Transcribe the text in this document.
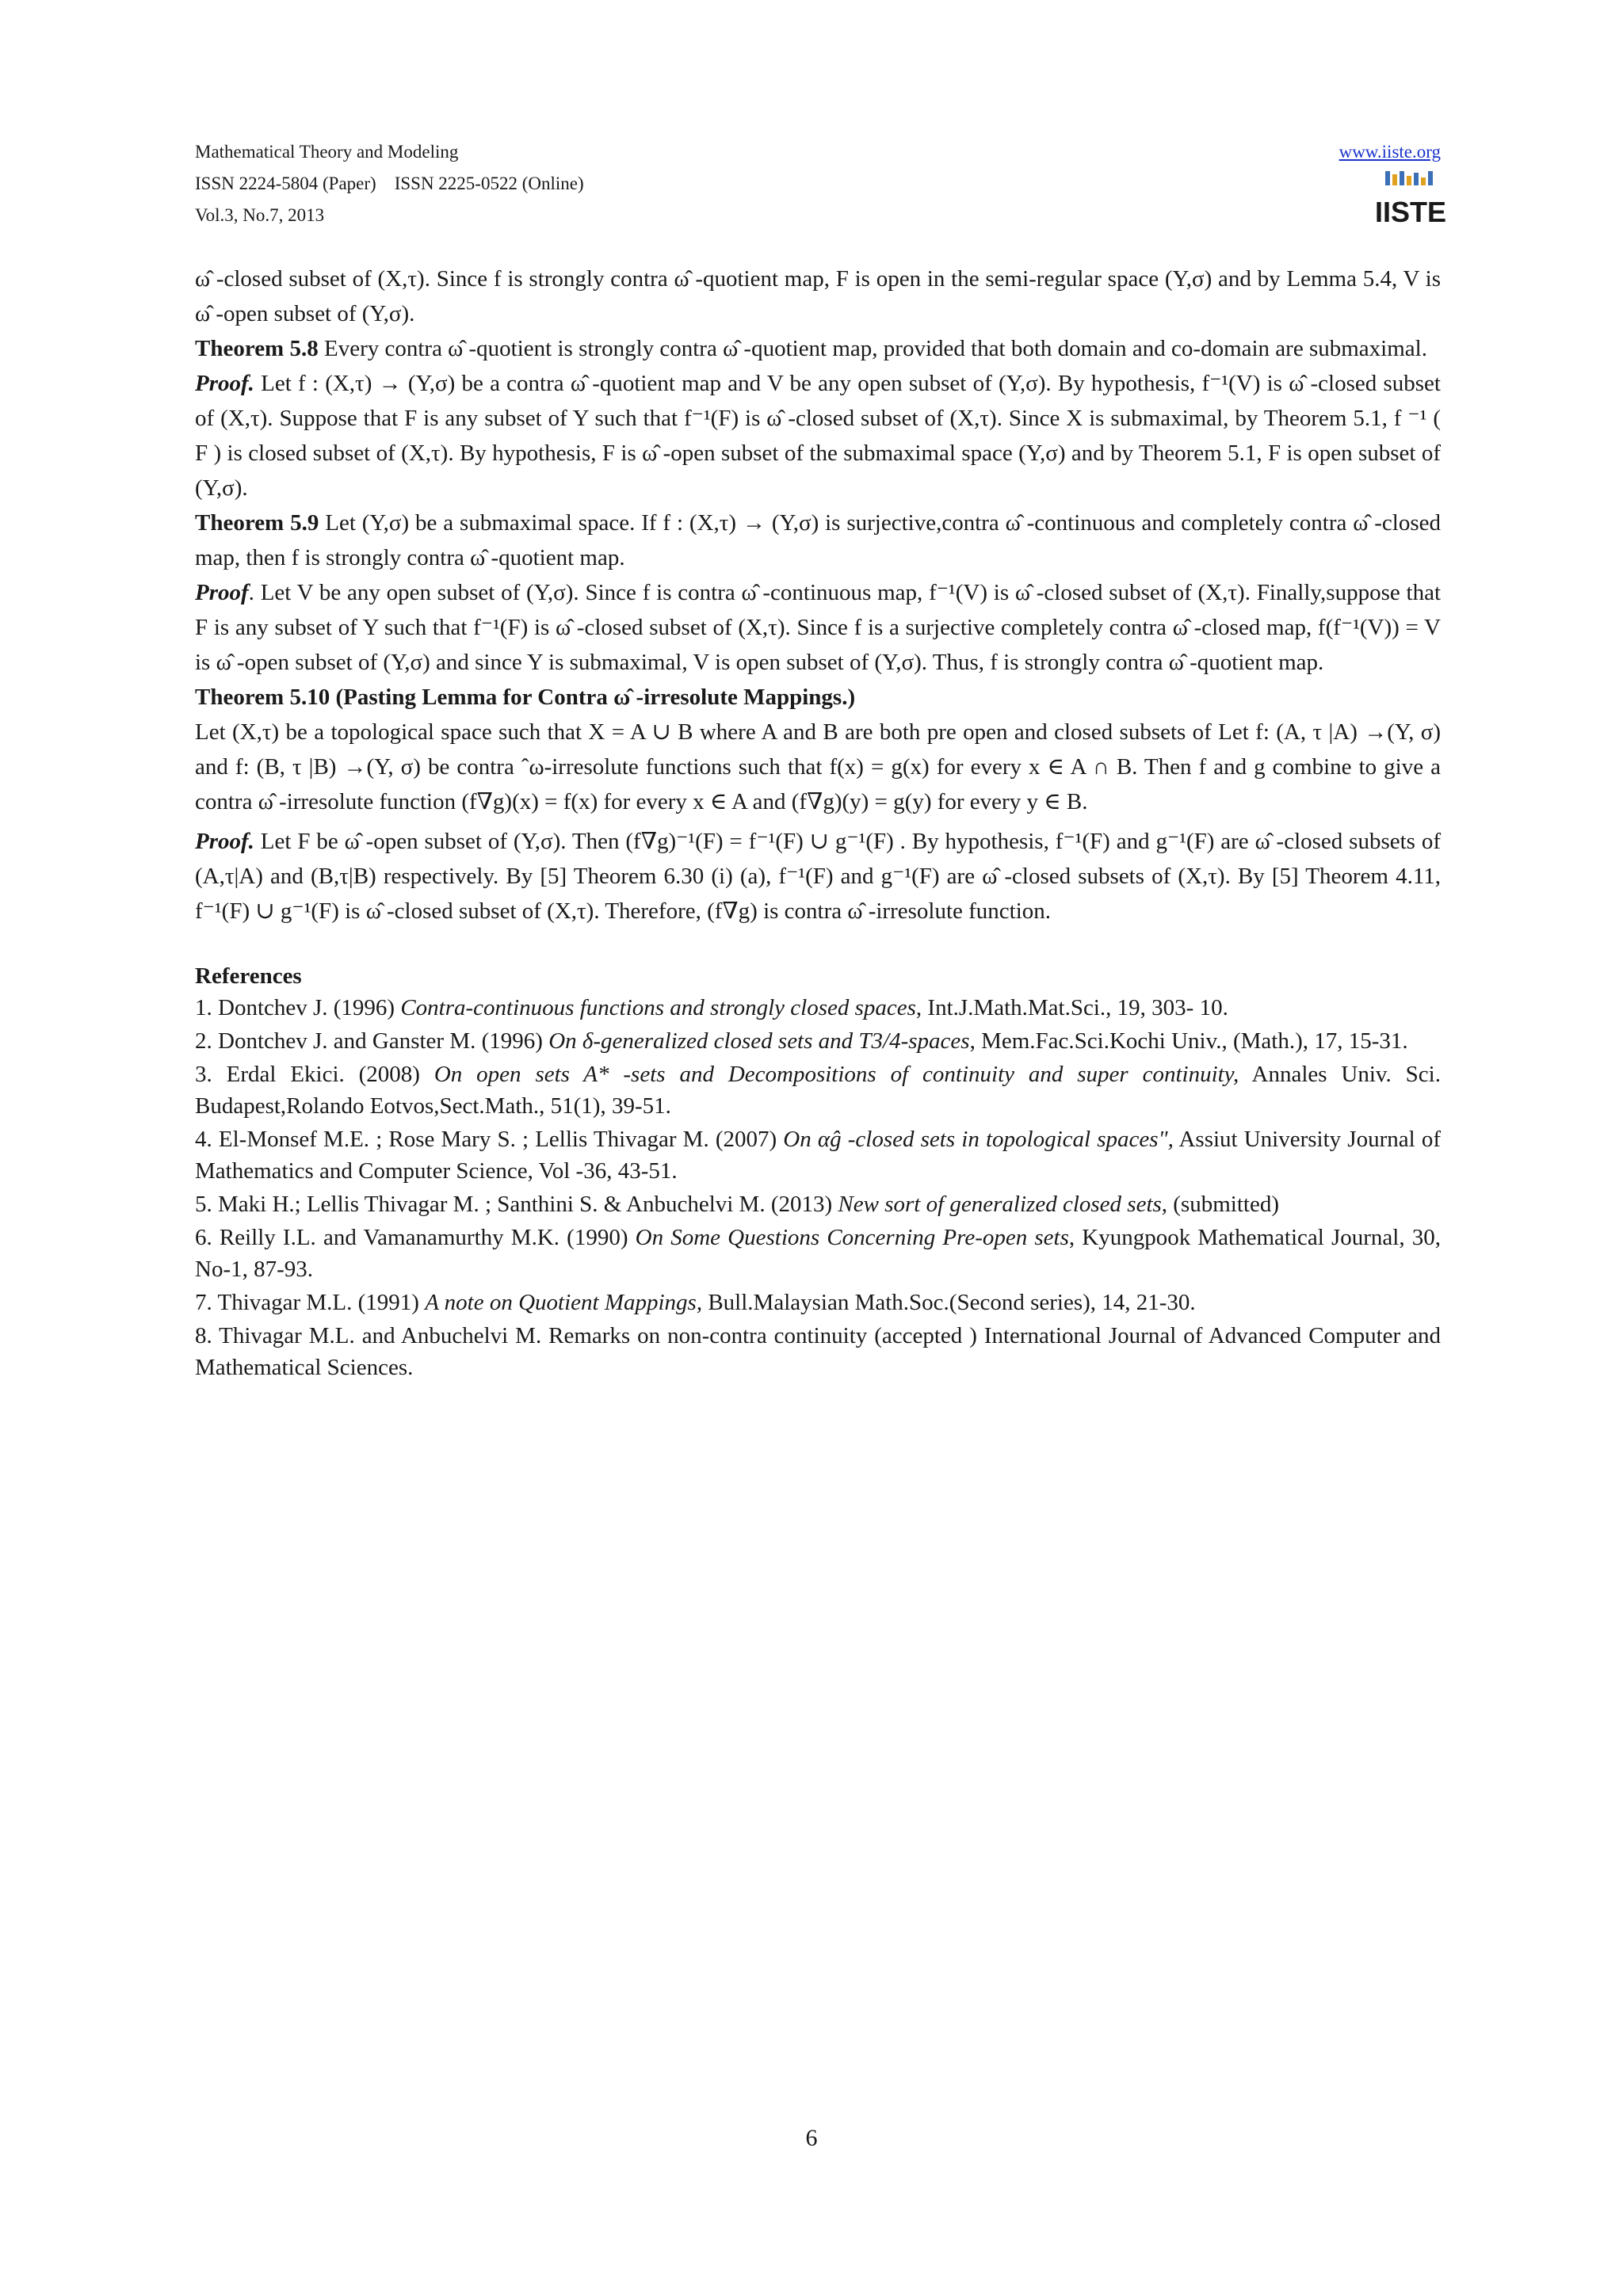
Mathematical Theory and Modeling
ISSN 2224-5804 (Paper)    ISSN 2225-0522 (Online)
Vol.3, No.7, 2013
www.iiste.org
IISTE

ω̂ -closed subset of (X,τ). Since f is strongly contra ω̂ -quotient map, F is open in the semi-regular space (Y,σ) and by Lemma 5.4, V is ω̂ -open subset of (Y,σ).

Theorem 5.8 Every contra ω̂ -quotient is strongly contra ω̂ -quotient map, provided that both domain and co-domain are submaximal.

Proof. Let f : (X,τ) → (Y,σ) be a contra ω̂ -quotient map and V be any open subset of (Y,σ). By hypothesis, f⁻¹(V) is ω̂ -closed subset of (X,τ). Suppose that F is any subset of Y such that f⁻¹(F) is ω̂ -closed subset of (X,τ). Since X is submaximal, by Theorem 5.1, f ⁻¹ ( F ) is closed subset of (X,τ). By hypothesis, F is ω̂ -open subset of the submaximal space (Y,σ) and by Theorem 5.1, F is open subset of (Y,σ).

Theorem 5.9 Let (Y,σ) be a submaximal space. If f : (X,τ) → (Y,σ) is surjective,contra ω̂ -continuous and completely contra ω̂ -closed map, then f is strongly contra ω̂ -quotient map.

Proof. Let V be any open subset of (Y,σ). Since f is contra ω̂ -continuous map, f⁻¹(V) is ω̂ -closed subset of (X,τ). Finally,suppose that F is any subset of Y such that f⁻¹(F) is ω̂ -closed subset of (X,τ). Since f is a surjective completely contra ω̂ -closed map, f(f⁻¹(V)) = V is ω̂ -open subset of (Y,σ) and since Y is submaximal, V is open subset of (Y,σ). Thus, f is strongly contra ω̂ -quotient map.

Theorem 5.10 (Pasting Lemma for Contra ω̂ -irresolute Mappings.)

Let (X,τ) be a topological space such that X = A ∪ B where A and B are both pre open and closed subsets of Let f: (A, τ |A) →(Y, σ) and f: (B, τ |B) →(Y, σ) be contra ˆω-irresolute functions such that f(x) = g(x) for every x ∈ A ∩ B. Then f and g combine to give a contra ω̂ -irresolute function (f∇g)(x) = f(x) for every x ∈ A and (f∇g)(y) = g(y) for every y ∈ B.

Proof. Let F be ω̂ -open subset of (Y,σ). Then (f∇g)⁻¹(F) = f⁻¹(F) ∪ g⁻¹(F) . By hypothesis, f⁻¹(F) and g⁻¹(F) are ω̂ -closed subsets of (A,τ|A) and (B,τ|B) respectively. By [5] Theorem 6.30 (i) (a), f⁻¹(F) and g⁻¹(F) are ω̂ -closed subsets of (X,τ). By [5] Theorem 4.11, f⁻¹(F) ∪ g⁻¹(F) is ω̂ -closed subset of (X,τ). Therefore, (f∇g) is contra ω̂ -irresolute function.

References

1. Dontchev J. (1996) Contra-continuous functions and strongly closed spaces, Int.J.Math.Mat.Sci., 19, 303- 10.

2. Dontchev J. and Ganster M. (1996) On δ-generalized closed sets and T3/4-spaces, Mem.Fac.Sci.Kochi Univ., (Math.), 17, 15-31.

3. Erdal Ekici. (2008) On open sets A* -sets and Decompositions of continuity and super continuity, Annales Univ. Sci. Budapest,Rolando Eotvos,Sect.Math., 51(1), 39-51.

4. El-Monsef M.E. ; Rose Mary S. ; Lellis Thivagar M. (2007) On αĝ -closed sets in topological spaces", Assiut University Journal of Mathematics and Computer Science, Vol -36, 43-51.

5. Maki H.; Lellis Thivagar M. ; Santhini S. & Anbuchelvi M. (2013) New sort of generalized closed sets, (submitted)

6. Reilly I.L. and Vamanamurthy M.K. (1990) On Some Questions Concerning Pre-open sets, Kyungpook Mathematical Journal, 30, No-1, 87-93.

7. Thivagar M.L. (1991) A note on Quotient Mappings, Bull.Malaysian Math.Soc.(Second series), 14, 21-30.

8. Thivagar M.L. and Anbuchelvi M. Remarks on non-contra continuity (accepted ) International Journal of Advanced Computer and Mathematical Sciences.

6
